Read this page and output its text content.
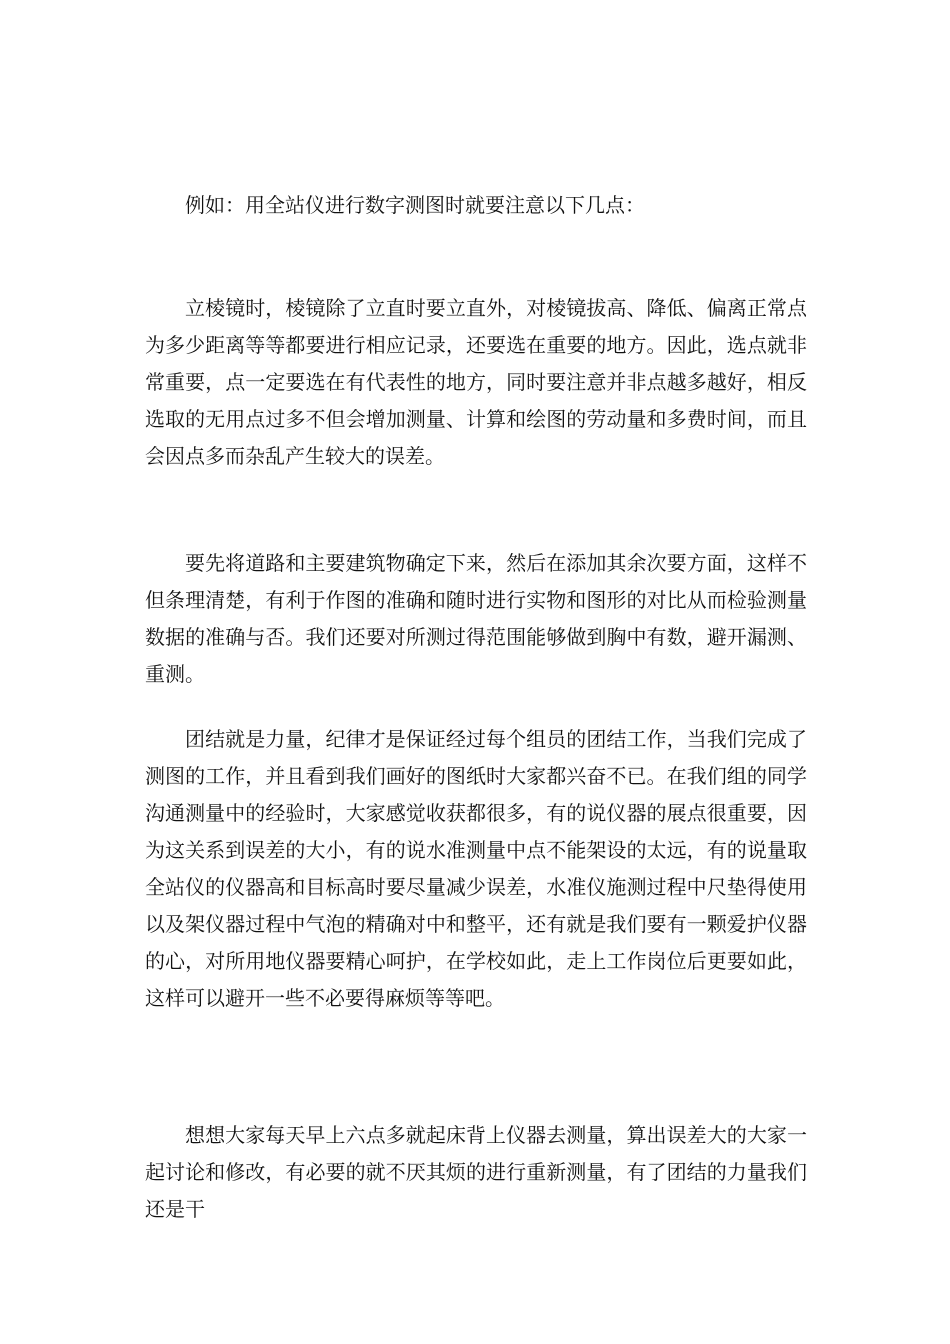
例如：用全站仪进行数字测图时就要注意以下几点：

立棱镜时，棱镜除了立直时要立直外，对棱镜拔高、降低、偏离正常点为多少距离等等都要进行相应记录，还要选在重要的地方。因此，选点就非常重要，点一定要选在有代表性的地方，同时要注意并非点越多越好，相反选取的无用点过多不但会增加测量、计算和绘图的劳动量和多费时间，而且会因点多而杂乱产生较大的误差。

要先将道路和主要建筑物确定下来，然后在添加其余次要方面，这样不但条理清楚，有利于作图的准确和随时进行实物和图形的对比从而检验测量数据的准确与否。我们还要对所测过得范围能够做到胸中有数，避开漏测、重测。

团结就是力量，纪律才是保证经过每个组员的团结工作，当我们完成了测图的工作，并且看到我们画好的图纸时大家都兴奋不已。在我们组的同学沟通测量中的经验时，大家感觉收获都很多，有的说仪器的展点很重要，因为这关系到误差的大小，有的说水准测量中点不能架设的太远，有的说量取全站仪的仪器高和目标高时要尽量减少误差，水准仪施测过程中尺垫得使用以及架仪器过程中气泡的精确对中和整平，还有就是我们要有一颗爱护仪器的心，对所用地仪器要精心呵护，在学校如此，走上工作岗位后更要如此，这样可以避开一些不必要得麻烦等等吧。

想想大家每天早上六点多就起床背上仪器去测量，算出误差大的大家一起讨论和修改，有必要的就不厌其烦的进行重新测量，有了团结的力量我们还是干
